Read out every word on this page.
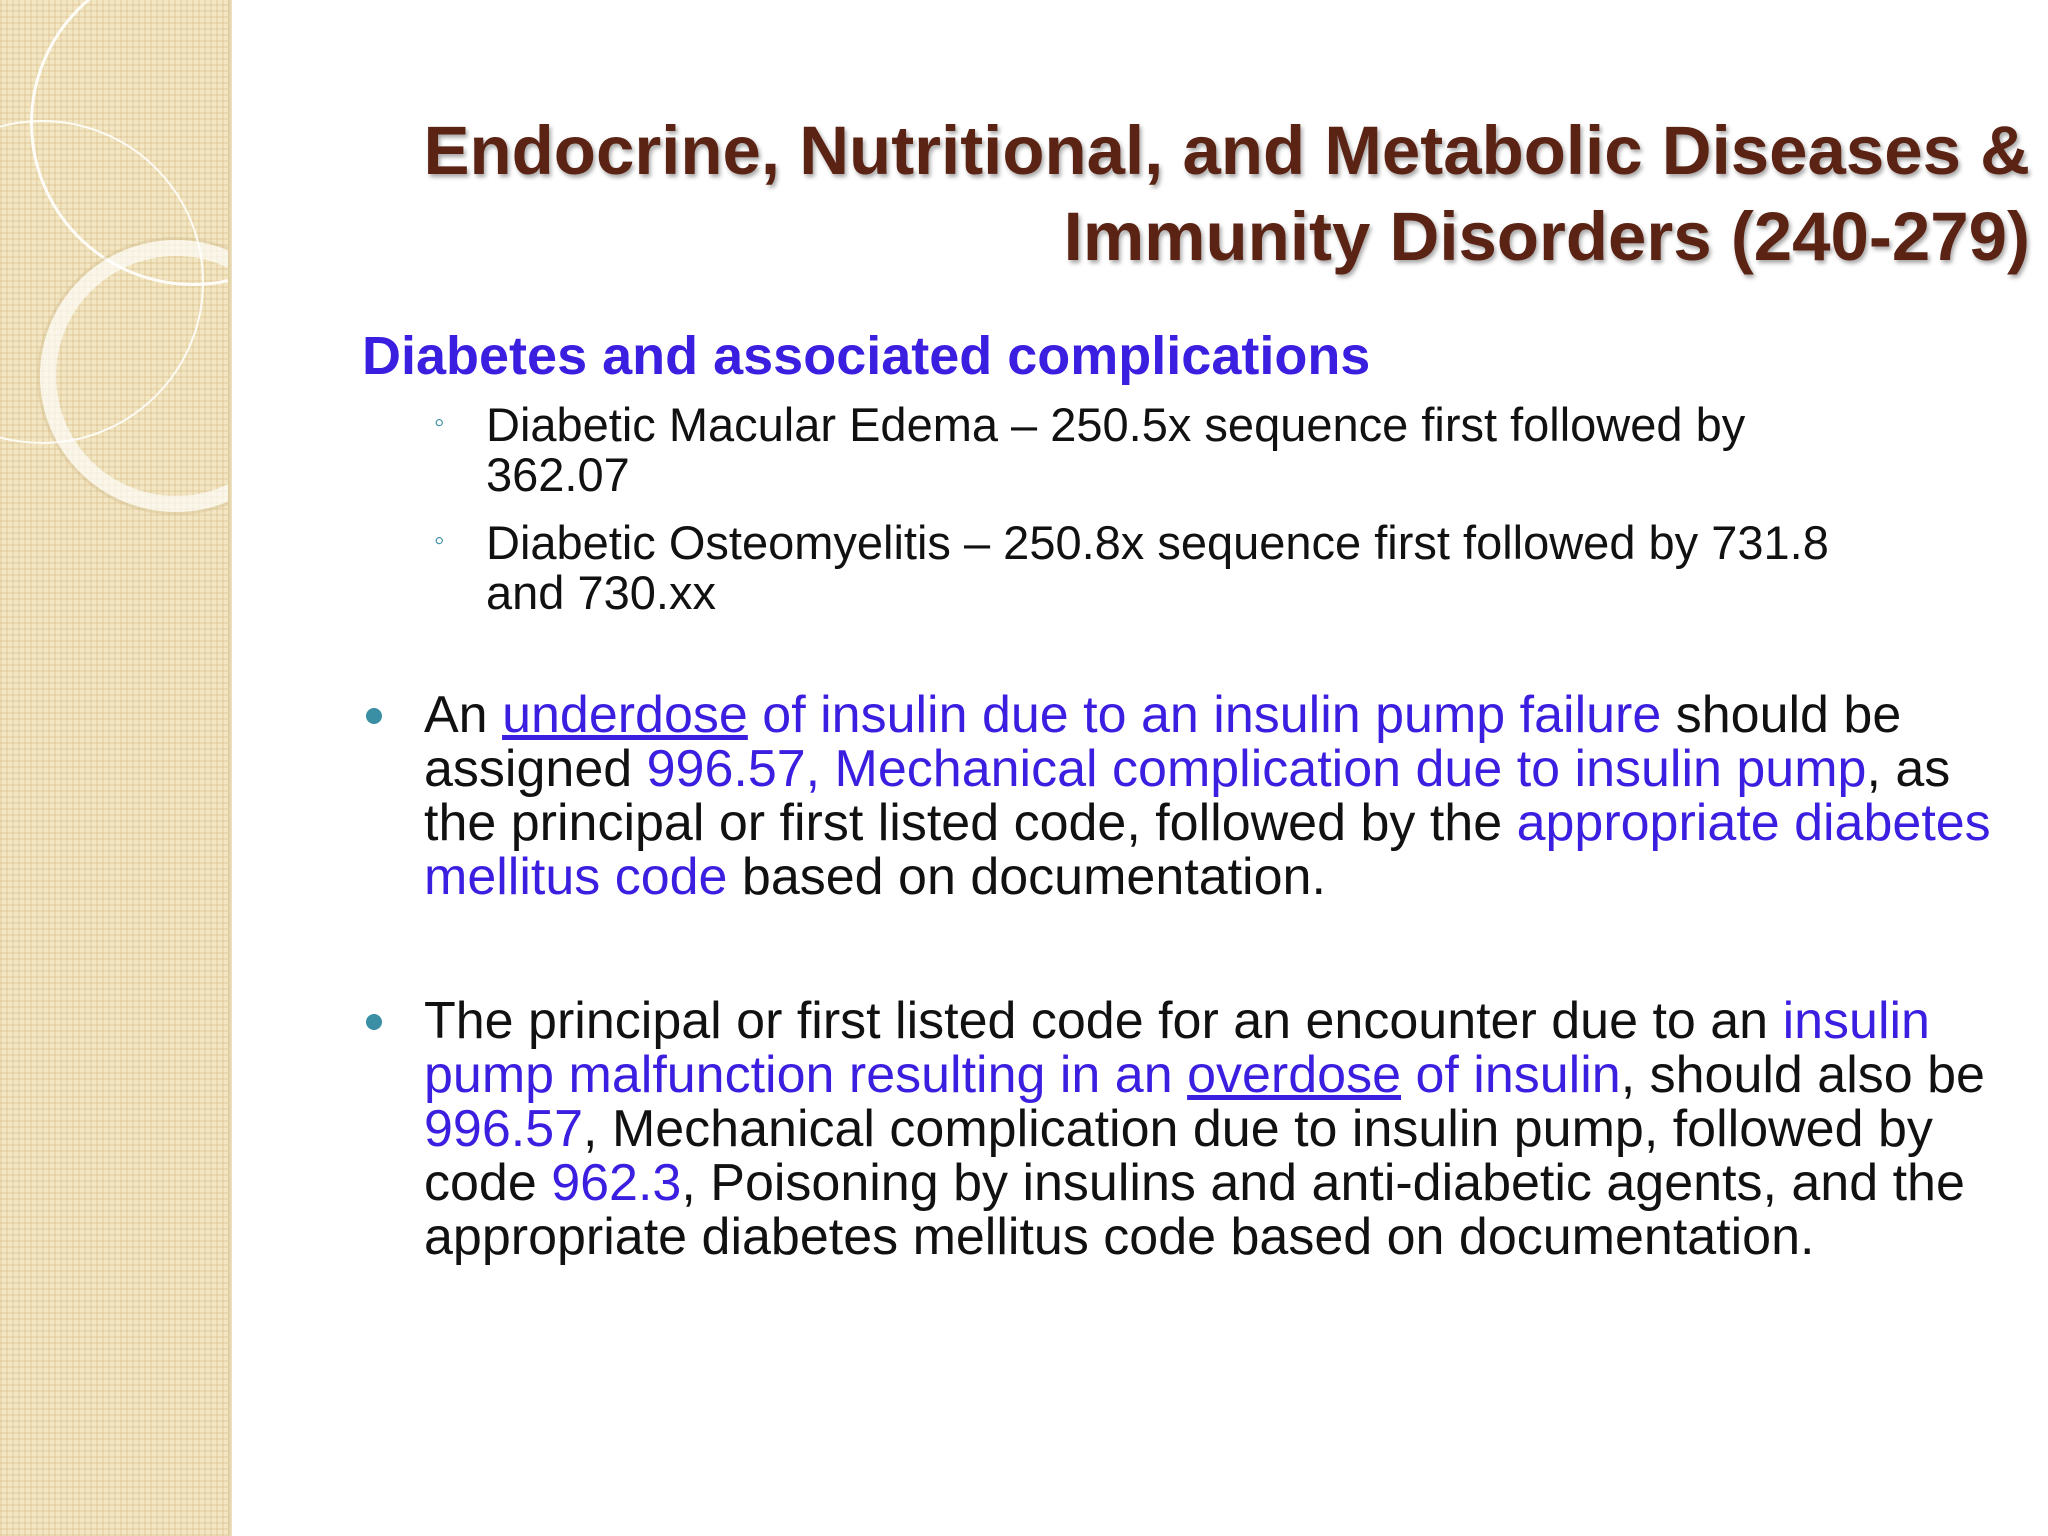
Endocrine, Nutritional, and Metabolic Diseases &
Immunity Disorders (240-279)
Diabetes and associated complications
◦ Diabetic Macular Edema – 250.5x sequence first followed by
362.07
◦ Diabetic Osteomyelitis – 250.8x sequence first followed by 731.8
and 730.xx
An underdose of insulin due to an insulin pump failure should be assigned 996.57, Mechanical complication due to insulin pump, as the principal or first listed code, followed by the appropriate diabetes mellitus code based on documentation.
The principal or first listed code for an encounter due to an insulin pump malfunction resulting in an overdose of insulin, should also be 996.57, Mechanical complication due to insulin pump, followed by code 962.3, Poisoning by insulins and anti-diabetic agents, and the appropriate diabetes mellitus code based on documentation.
